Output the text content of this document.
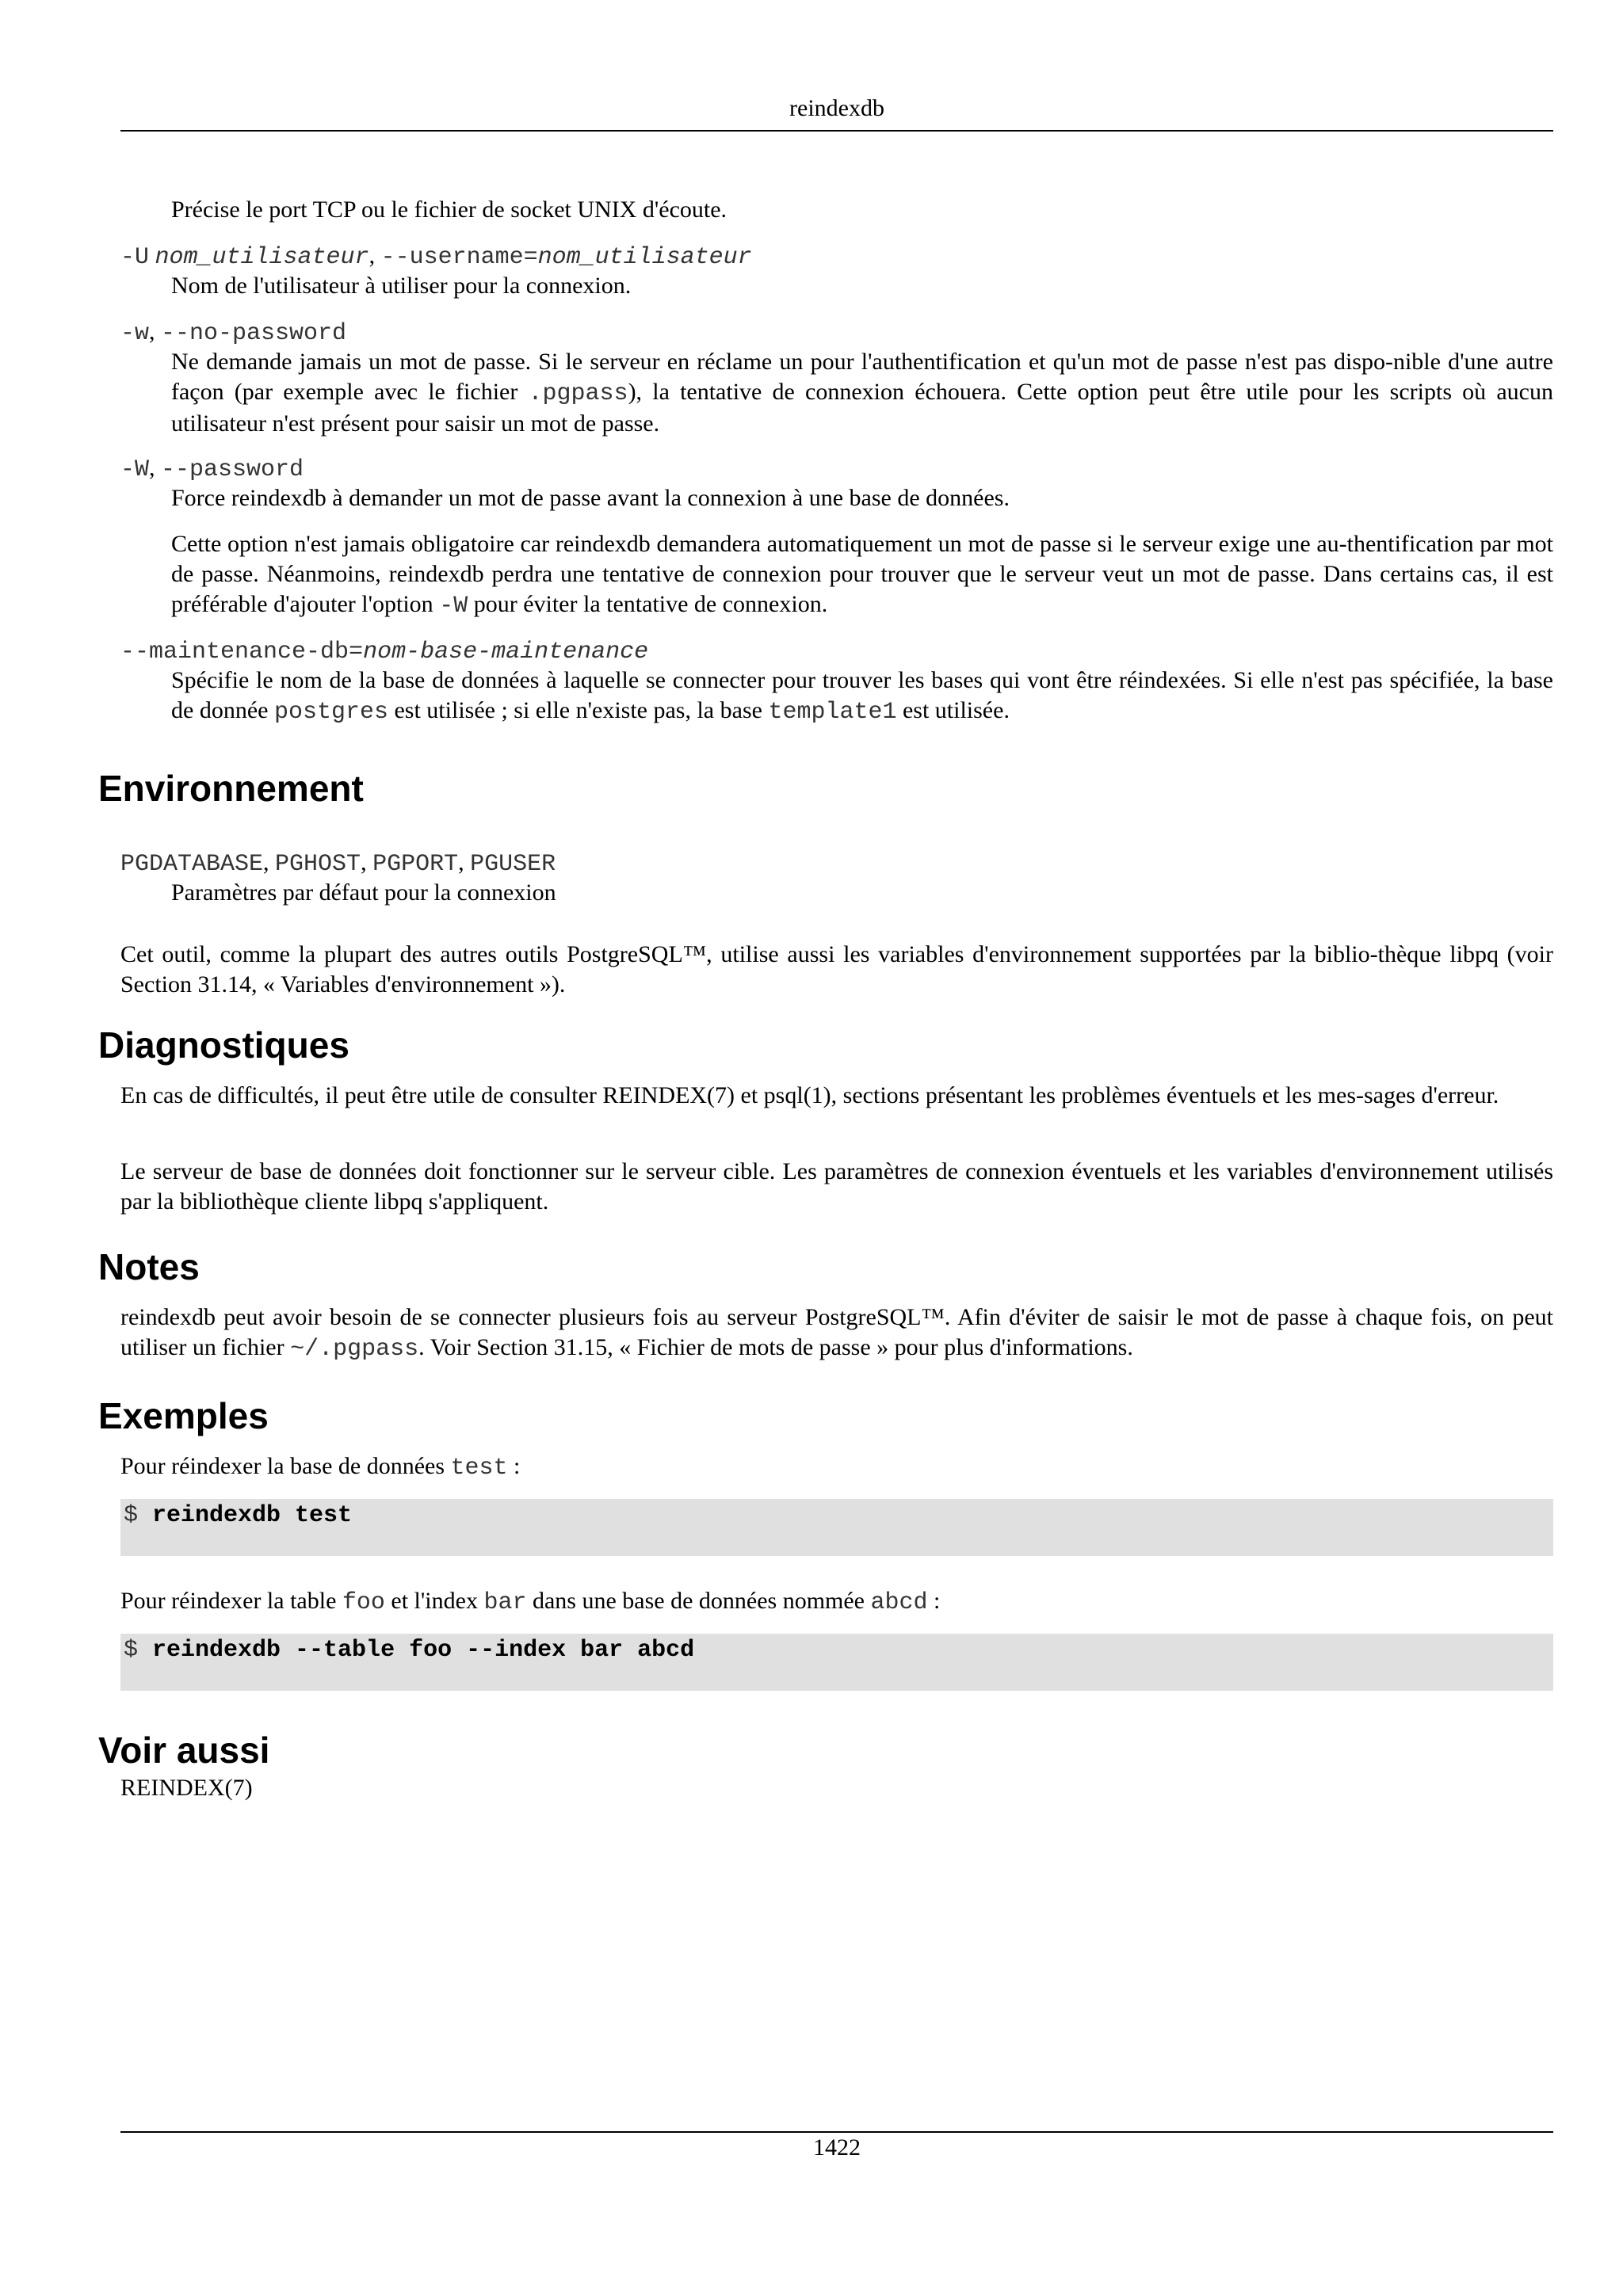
reindexdb
Précise le port TCP ou le fichier de socket UNIX d'écoute.
-U nom_utilisateur, --username=nom_utilisateur
Nom de l'utilisateur à utiliser pour la connexion.
-w, --no-password
Ne demande jamais un mot de passe. Si le serveur en réclame un pour l'authentification et qu'un mot de passe n'est pas dispo-nible d'une autre façon (par exemple avec le fichier .pgpass), la tentative de connexion échouera. Cette option peut être utile pour les scripts où aucun utilisateur n'est présent pour saisir un mot de passe.
-W, --password
Force reindexdb à demander un mot de passe avant la connexion à une base de données.
Cette option n'est jamais obligatoire car reindexdb demandera automatiquement un mot de passe si le serveur exige une au-thentification par mot de passe. Néanmoins, reindexdb perdra une tentative de connexion pour trouver que le serveur veut un mot de passe. Dans certains cas, il est préférable d'ajouter l'option -W pour éviter la tentative de connexion.
--maintenance-db=nom-base-maintenance
Spécifie le nom de la base de données à laquelle se connecter pour trouver les bases qui vont être réindexées. Si elle n'est pas spécifiée, la base de donnée postgres est utilisée ; si elle n'existe pas, la base template1 est utilisée.
Environnement
PGDATABASE, PGHOST, PGPORT, PGUSER
Paramètres par défaut pour la connexion
Cet outil, comme la plupart des autres outils PostgreSQL™, utilise aussi les variables d'environnement supportées par la biblio-thèque libpq (voir Section 31.14, « Variables d'environnement »).
Diagnostiques
En cas de difficultés, il peut être utile de consulter REINDEX(7) et psql(1), sections présentant les problèmes éventuels et les mes-sages d'erreur.
Le serveur de base de données doit fonctionner sur le serveur cible. Les paramètres de connexion éventuels et les variables d'environnement utilisés par la bibliothèque cliente libpq s'appliquent.
Notes
reindexdb peut avoir besoin de se connecter plusieurs fois au serveur PostgreSQL™. Afin d'éviter de saisir le mot de passe à chaque fois, on peut utiliser un fichier ~/.pgpass. Voir Section 31.15, « Fichier de mots de passe » pour plus d'informations.
Exemples
Pour réindexer la base de données test :
$ reindexdb test
Pour réindexer la table foo et l'index bar dans une base de données nommée abcd :
$ reindexdb --table foo --index bar abcd
Voir aussi
REINDEX(7)
1422
